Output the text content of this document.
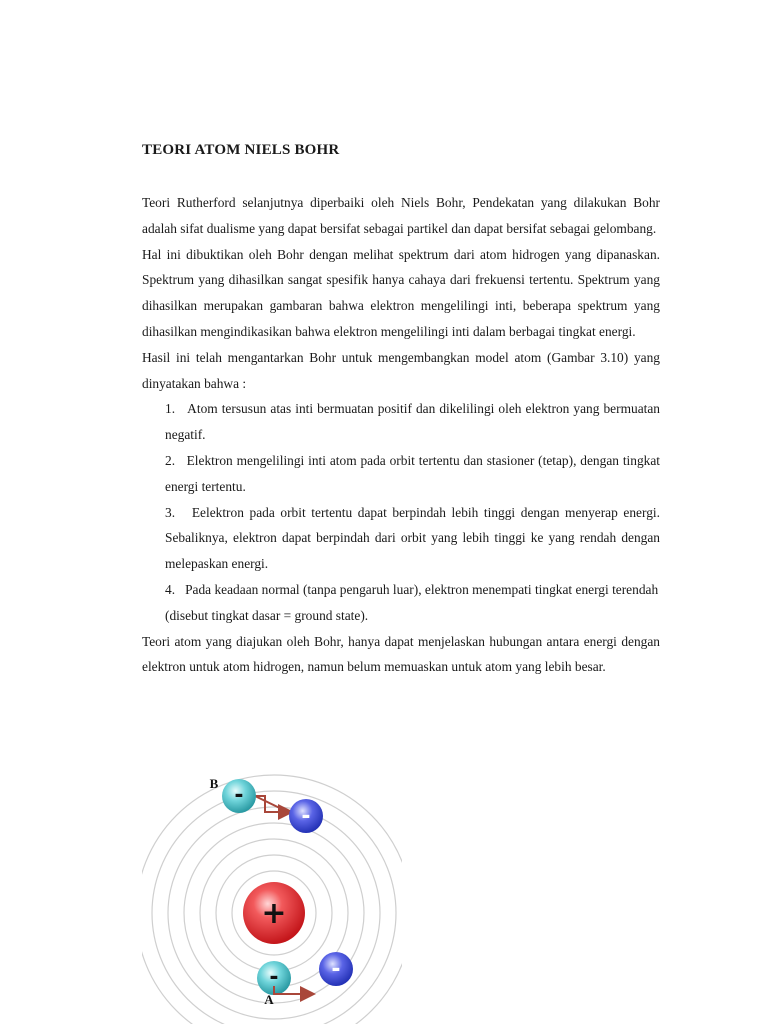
TEORI ATOM NIELS BOHR

Teori Rutherford selanjutnya diperbaiki oleh Niels Bohr, Pendekatan yang dilakukan Bohr adalah sifat dualisme yang dapat bersifat sebagai partikel dan dapat bersifat sebagai gelombang.

Hal ini dibuktikan oleh Bohr dengan melihat spektrum dari atom hidrogen yang dipanaskan. Spektrum yang dihasilkan sangat spesifik hanya cahaya dari frekuensi tertentu. Spektrum yang dihasilkan merupakan gambaran bahwa elektron mengelilingi inti, beberapa spektrum yang dihasilkan mengindikasikan bahwa elektron mengelilingi inti dalam berbagai tingkat energi.

Hasil ini telah mengantarkan Bohr untuk mengembangkan model atom (Gambar 3.10) yang dinyatakan bahwa :

1. Atom tersusun atas inti bermuatan positif dan dikelilingi oleh elektron yang bermuatan negatif.
2. Elektron mengelilingi inti atom pada orbit tertentu dan stasioner (tetap), dengan tingkat energi tertentu.
3. Eelektron pada orbit tertentu dapat berpindah lebih tinggi dengan menyerap energi. Sebaliknya, elektron dapat berpindah dari orbit yang lebih tinggi ke yang rendah dengan melepaskan energi.
4. Pada keadaan normal (tanpa pengaruh luar), elektron menempati tingkat energi terendah (disebut tingkat dasar = ground state).

Teori atom yang diajukan oleh Bohr, hanya dapat menjelaskan hubungan antara energi dengan elektron untuk atom hidrogen, namun belum memuaskan untuk atom yang lebih besar.

+
-
-
B
-
-
A
